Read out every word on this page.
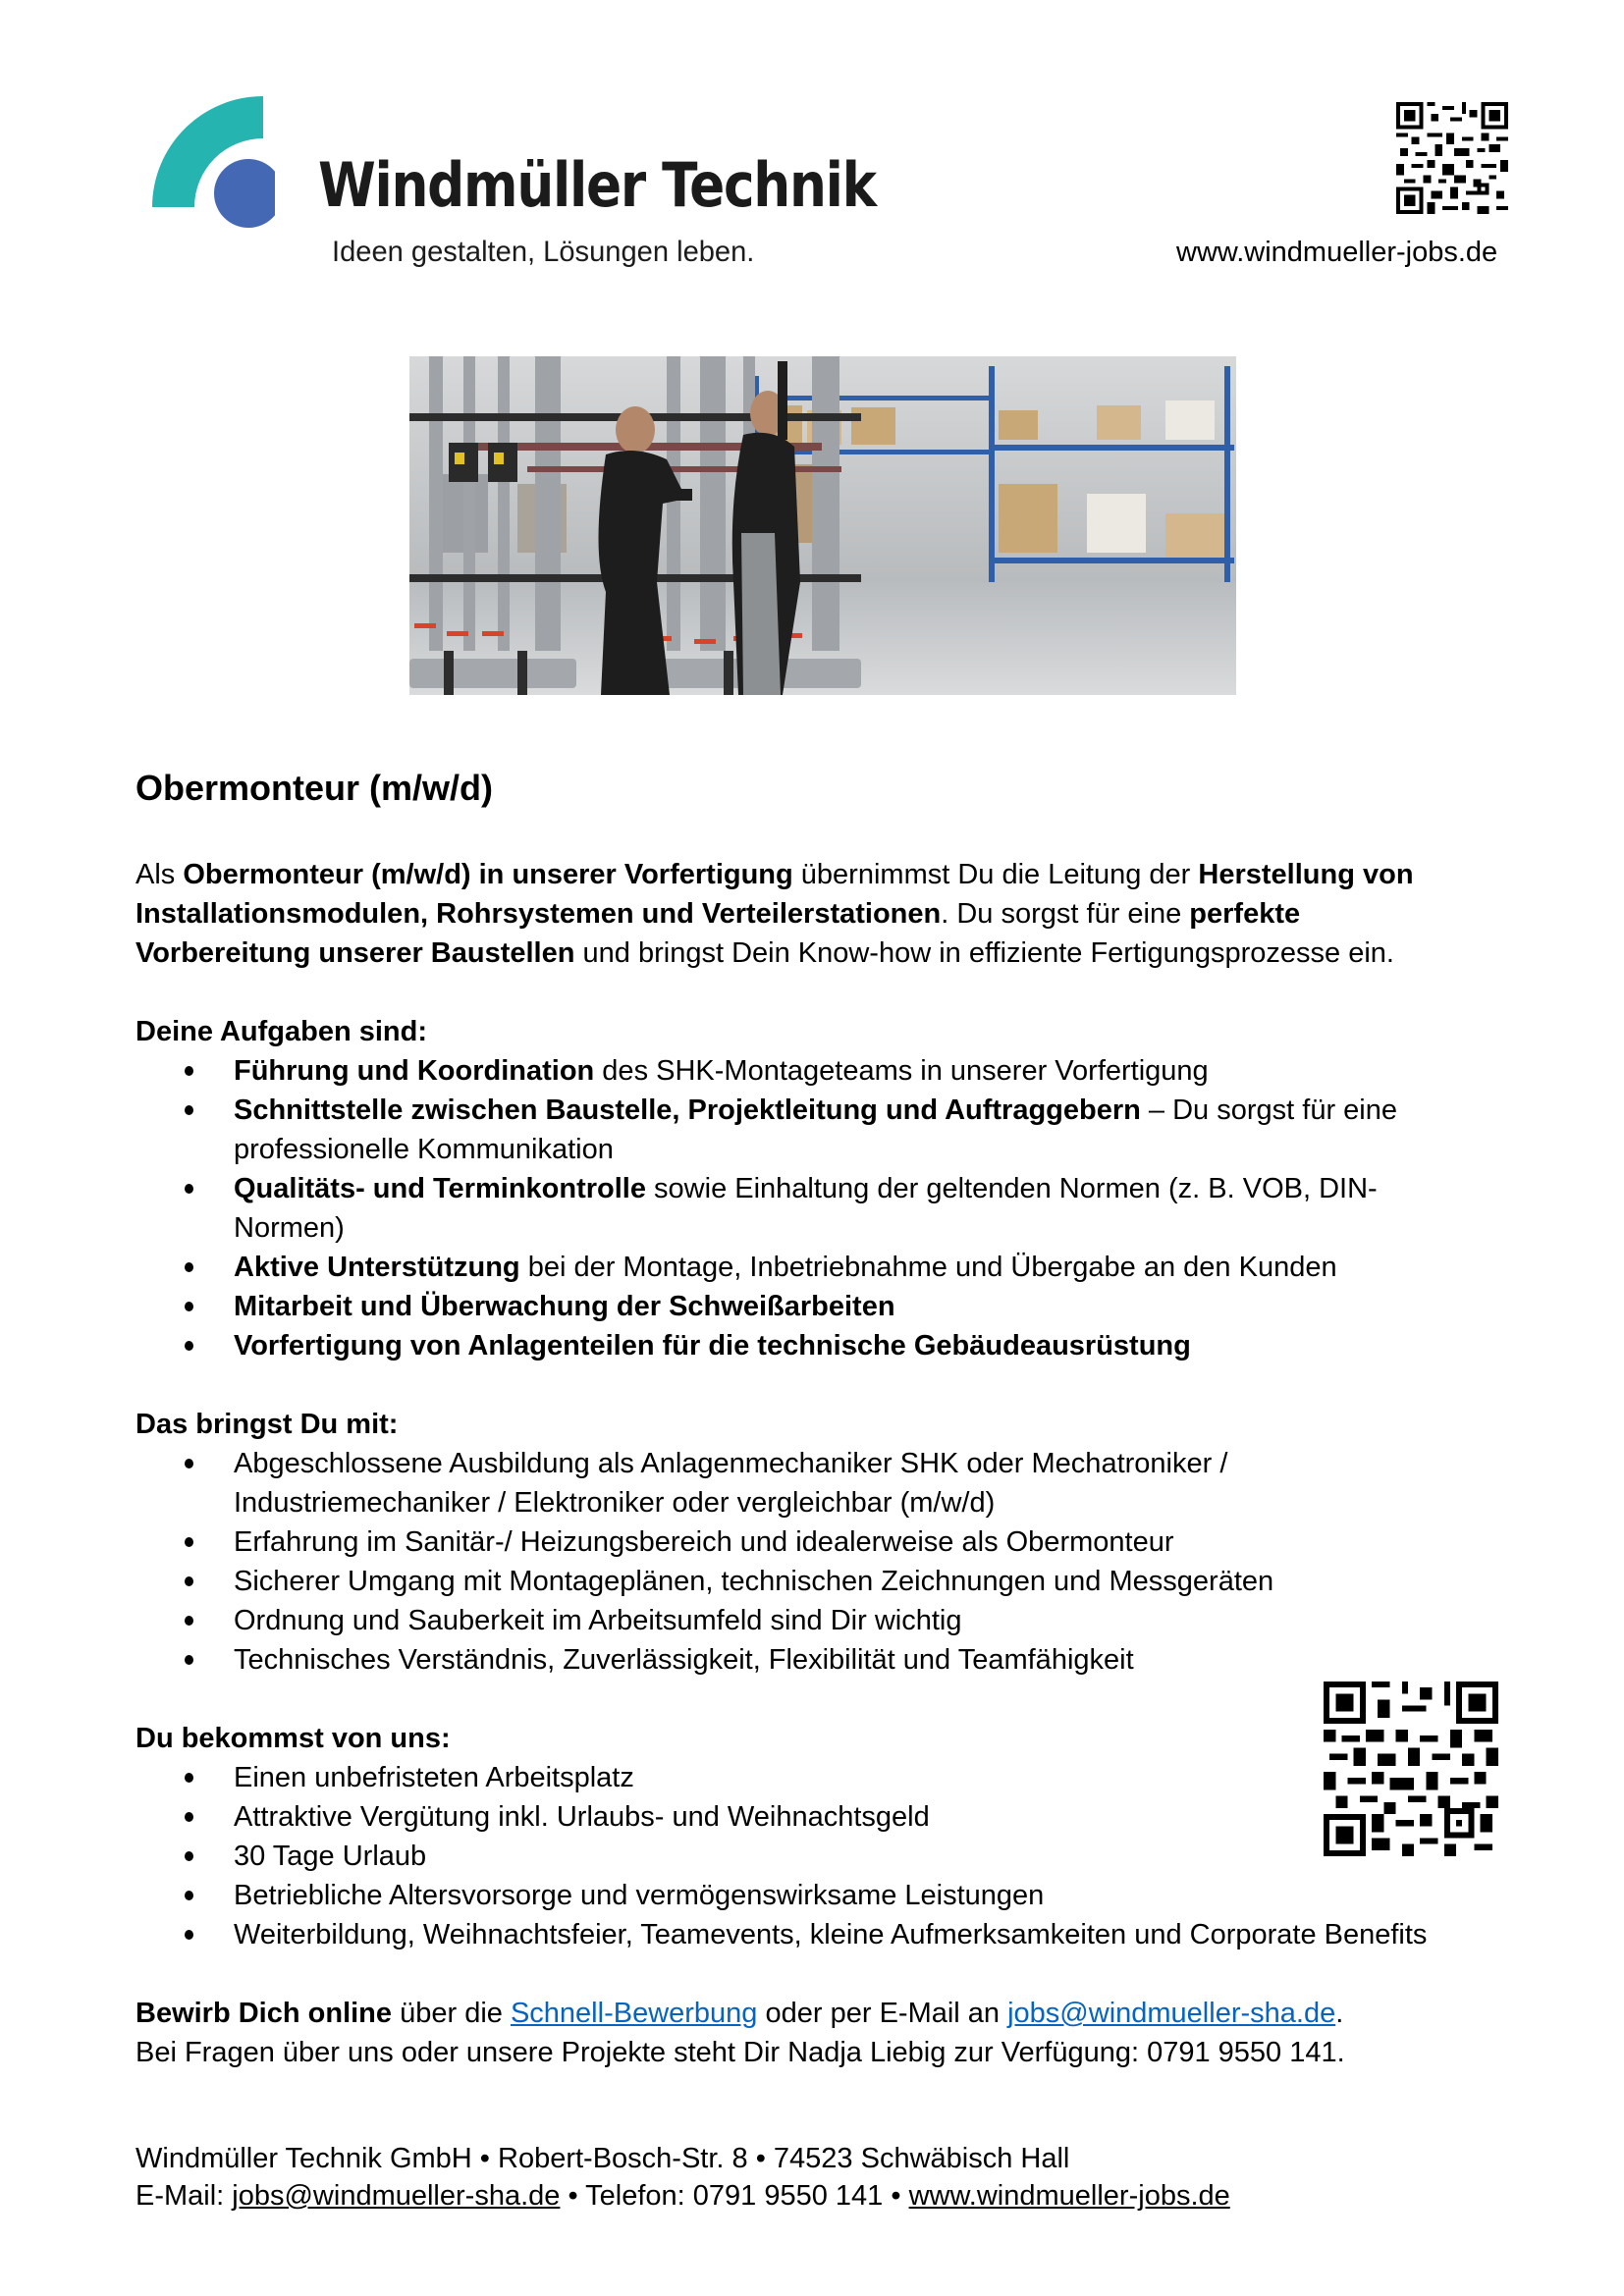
Windmüller Technik
Ideen gestalten, Lösungen leben.	www.windmueller-jobs.de
Obermonteur (m/w/d)
Als Obermonteur (m/w/d) in unserer Vorfertigung übernimmst Du die Leitung der Herstellung von
Installationsmodulen, Rohrsystemen und Verteilerstationen. Du sorgst für eine perfekte
Vorbereitung unserer Baustellen und bringst Dein Know-how in effiziente Fertigungsprozesse ein.
Deine Aufgaben sind:
Führung und Koordination des SHK-Montageteams in unserer Vorfertigung
Schnittstelle zwischen Baustelle, Projektleitung und Auftraggebern – Du sorgst für eine
professionelle Kommunikation
Qualitäts- und Terminkontrolle sowie Einhaltung der geltenden Normen (z. B. VOB, DIN-
Normen)
Aktive Unterstützung bei der Montage, Inbetriebnahme und Übergabe an den Kunden
Mitarbeit und Überwachung der Schweißarbeiten
Vorfertigung von Anlagenteilen für die technische Gebäudeausrüstung
Das bringst Du mit:
Abgeschlossene Ausbildung als Anlagenmechaniker SHK oder Mechatroniker /
Industriemechaniker / Elektroniker oder vergleichbar (m/w/d)
Erfahrung im Sanitär-/ Heizungsbereich und idealerweise als Obermonteur
Sicherer Umgang mit Montageplänen, technischen Zeichnungen und Messgeräten
Ordnung und Sauberkeit im Arbeitsumfeld sind Dir wichtig
Technisches Verständnis, Zuverlässigkeit, Flexibilität und Teamfähigkeit
Du bekommst von uns:
Einen unbefristeten Arbeitsplatz
Attraktive Vergütung inkl. Urlaubs- und Weihnachtsgeld
30 Tage Urlaub
Betriebliche Altersvorsorge und vermögenswirksame Leistungen
Weiterbildung, Weihnachtsfeier, Teamevents, kleine Aufmerksamkeiten und Corporate Benefits
Bewirb Dich online über die Schnell-Bewerbung oder per E-Mail an jobs@windmueller-sha.de.
Bei Fragen über uns oder unsere Projekte steht Dir Nadja Liebig zur Verfügung: 0791 9550 141.
Windmüller Technik GmbH • Robert-Bosch-Str. 8 • 74523 Schwäbisch Hall
E-Mail: jobs@windmueller-sha.de • Telefon: 0791 9550 141 • www.windmueller-jobs.de
